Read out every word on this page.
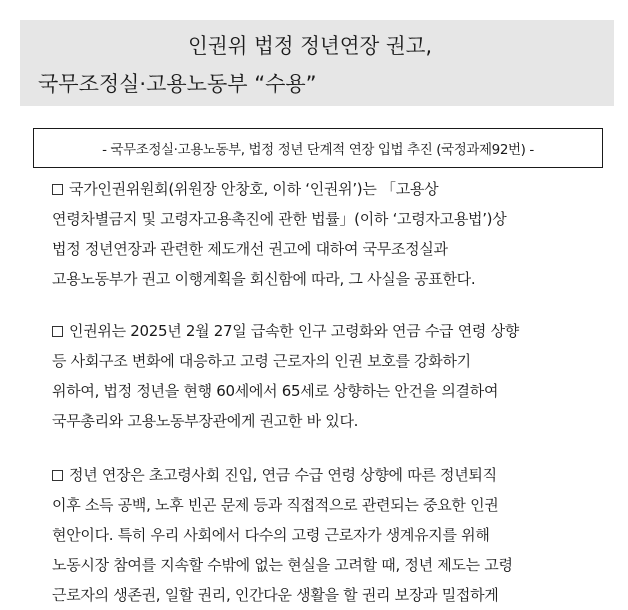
인권위 법정 정년연장 권고,
국무조정실·고용노동부 “수용”
- 국무조정실·고용노동부, 법정 정년 단계적 연장 입법 추진 (국정과제92번) -
국가인권위원회(위원장 안창호, 이하 ‘인권위’)는 「고용상
연령차별금지 및 고령자고용촉진에 관한 법률」(이하 ‘고령자고용법’)상
법정 정년연장과 관련한 제도개선 권고에 대하여 국무조정실과
고용노동부가 권고 이행계획을 회신함에 따라, 그 사실을 공표한다.
인권위는 2025년 2월 27일 급속한 인구 고령화와 연금 수급 연령 상향
등 사회구조 변화에 대응하고 고령 근로자의 인권 보호를 강화하기
위하여, 법정 정년을 현행 60세에서 65세로 상향하는 안건을 의결하여
국무총리와 고용노동부장관에게 권고한 바 있다.
정년 연장은 초고령사회 진입, 연금 수급 연령 상향에 따른 정년퇴직
이후 소득 공백, 노후 빈곤 문제 등과 직접적으로 관련되는 중요한 인권
현안이다. 특히 우리 사회에서 다수의 고령 근로자가 생계유지를 위해
노동시장 참여를 지속할 수밖에 없는 현실을 고려할 때, 정년 제도는 고령
근로자의 생존권, 일할 권리, 인간다운 생활을 할 권리 보장과 밀접하게
